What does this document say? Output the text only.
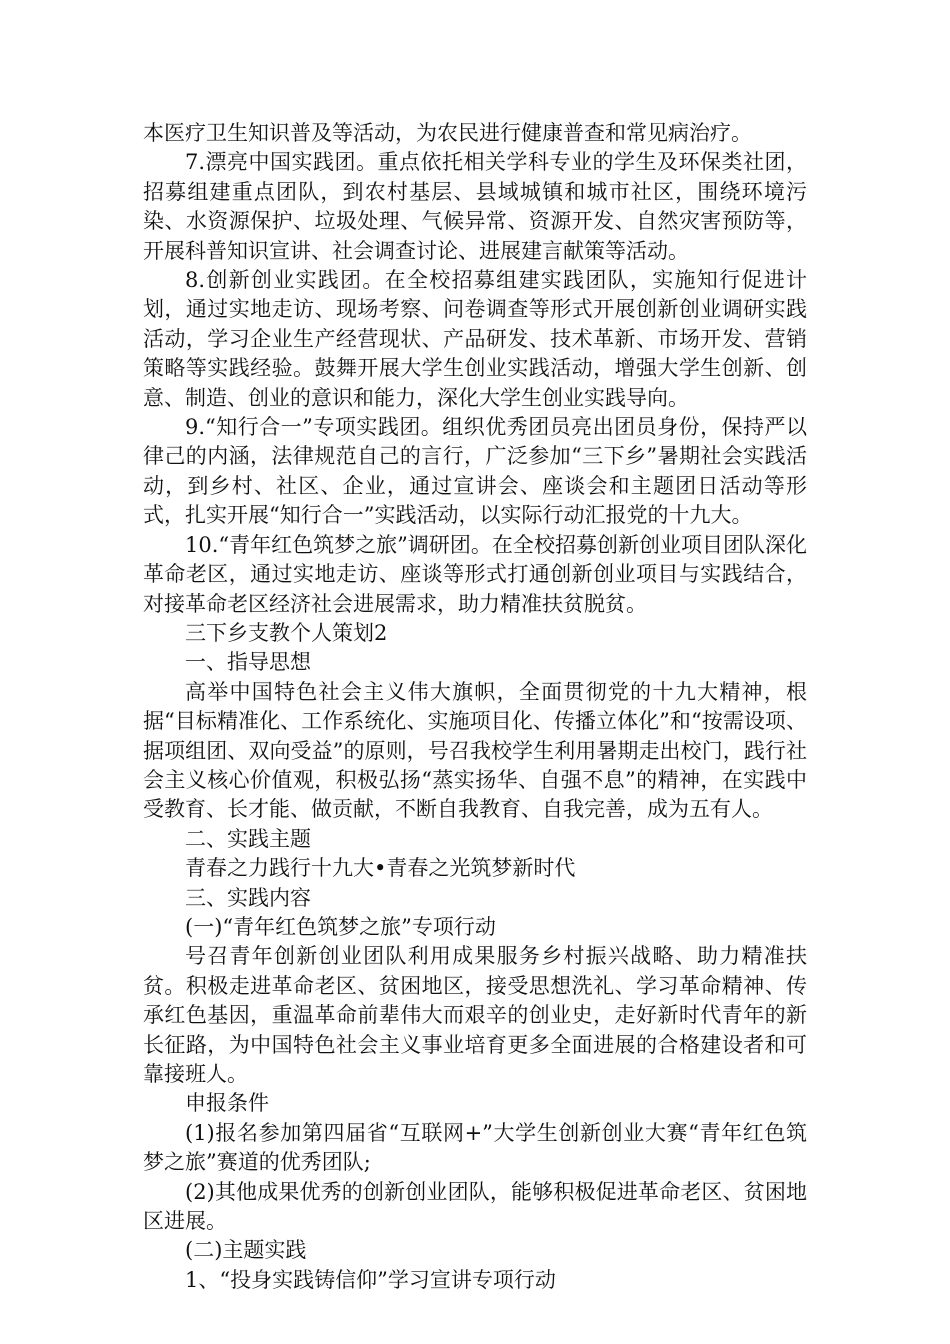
本医疗卫生知识普及等活动，为农民进行健康普查和常见病治疗。

7.漂亮中国实践团。重点依托相关学科专业的学生及环保类社团，招募组建重点团队，到农村基层、县域城镇和城市社区，围绕环境污染、水资源保护、垃圾处理、气候异常、资源开发、自然灾害预防等，开展科普知识宣讲、社会调查讨论、进展建言献策等活动。

8.创新创业实践团。在全校招募组建实践团队，实施知行促进计划，通过实地走访、现场考察、问卷调查等形式开展创新创业调研实践活动，学习企业生产经营现状、产品研发、技术革新、市场开发、营销策略等实践经验。鼓舞开展大学生创业实践活动，增强大学生创新、创意、制造、创业的意识和能力，深化大学生创业实践导向。

9.“知行合一”专项实践团。组织优秀团员亮出团员身份，保持严以律己的内涵，法律规范自己的言行，广泛参加“三下乡”暑期社会实践活动，到乡村、社区、企业，通过宣讲会、座谈会和主题团日活动等形式，扎实开展“知行合一”实践活动，以实际行动汇报党的十九大。

10.“青年红色筑梦之旅”调研团。在全校招募创新创业项目团队深化革命老区，通过实地走访、座谈等形式打通创新创业项目与实践结合，对接革命老区经济社会进展需求，助力精准扶贫脱贫。

三下乡支教个人策划2

一、指导思想

高举中国特色社会主义伟大旗帜，全面贯彻党的十九大精神，根据“目标精准化、工作系统化、实施项目化、传播立体化”和“按需设项、据项组团、双向受益”的原则，号召我校学生利用暑期走出校门，践行社会主义核心价值观，积极弘扬“蒸实扬华、自强不息”的精神，在实践中受教育、长才能、做贡献，不断自我教育、自我完善，成为五有人。

二、实践主题

青春之力践行十九大•青春之光筑梦新时代

三、实践内容

(一)“青年红色筑梦之旅”专项行动

号召青年创新创业团队利用成果服务乡村振兴战略、助力精准扶贫。积极走进革命老区、贫困地区，接受思想洗礼、学习革命精神、传承红色基因，重温革命前辈伟大而艰辛的创业史，走好新时代青年的新长征路，为中国特色社会主义事业培育更多全面进展的合格建设者和可靠接班人。

申报条件

(1)报名参加第四届省“互联网+”大学生创新创业大赛“青年红色筑梦之旅”赛道的优秀团队;

(2)其他成果优秀的创新创业团队，能够积极促进革命老区、贫困地区进展。

(二)主题实践

1、“投身实践铸信仰”学习宣讲专项行动
